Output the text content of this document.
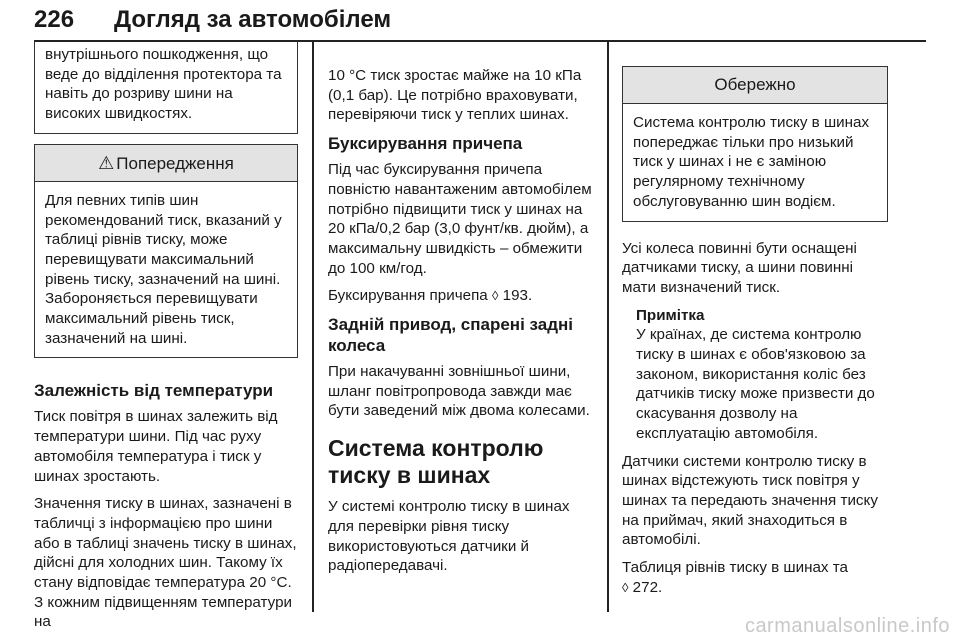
226 Догляд за автомобілем
внутрішнього пошкодження, що веде до відділення протектора та навіть до розриву шини на високих швидкостях.
⚠ Попередження
Для певних типів шин рекомендований тиск, вказаний у таблиці рівнів тиску, може перевищувати максимальний рівень тиску, зазначений на шині. Забороняється перевищувати максимальний рівень тиск, зазначений на шині.
Залежність від температури

Тиск повітря в шинах залежить від температури шини. Під час руху автомобіля температура і тиск у шинах зростають.

Значення тиску в шинах, зазначені в табличці з інформацією про шини або в таблиці значень тиску в шинах, дійсні для холодних шин. Такому їх стану відповідає температура 20 °C. З кожним підвищенням температури на

10 °C тиск зростає майже на 10 кПа (0,1 бар). Це потрібно враховувати, перевіряючи тиск у теплих шинах.

Буксирування причепа

Під час буксирування причепа повністю навантаженим автомобілем потрібно підвищити тиск у шинах на 20 кПа/0,2 бар (3,0 фунт/кв. дюйм), а максимальну швидкість – обмежити до 100 км/год.

Буксирування причепа ◊ 193.

Задній привод, спарені задні колеса

При накачуванні зовнішньої шини, шланг повітропровода завжди має бути заведений між двома колесами.

Система контролю тиску в шинах

У системі контролю тиску в шинах для перевірки рівня тиску використовуються датчики й радіопередавачі.

Обережно
Система контролю тиску в шинах попереджає тільки про низький тиск у шинах і не є заміною регулярному технічному обслуговуванню шин водієм.

Усі колеса повинні бути оснащені датчиками тиску, а шини повинні мати визначений тиск.

Примітка

У країнах, де система контролю тиску в шинах є обов'язковою за законом, використання коліс без датчиків тиску може призвести до скасування дозволу на експлуатацію автомобіля.

Датчики системи контролю тиску в шинах відстежують тиск повітря у шинах та передають значення тиску на приймач, який знаходиться в автомобілі.

Таблиця рівнів тиску в шинах та
◊ 272.

carmanualsonline.info
